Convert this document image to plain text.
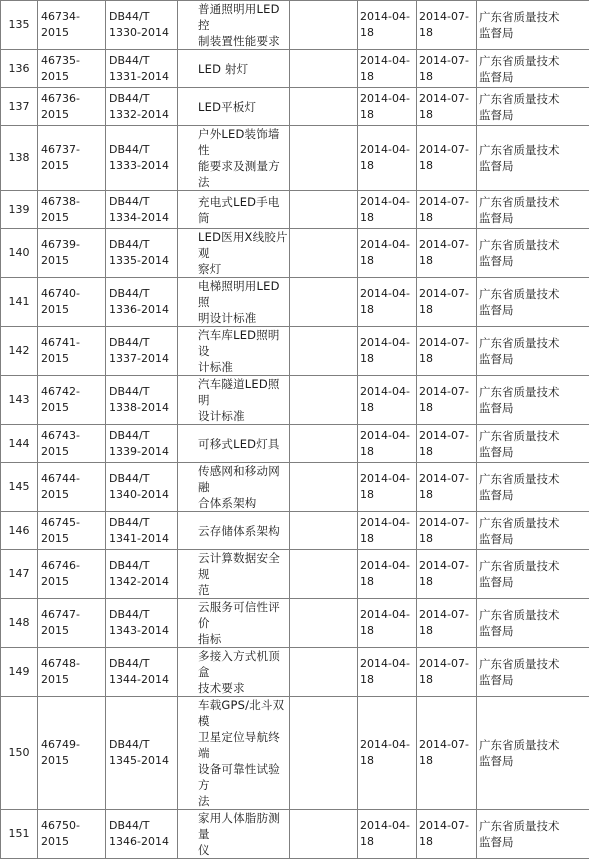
135	46734-
2015	DB44/T
1330-2014	普通照明用LED控
制装置性能要求		2014-04-
18	2014-07-
18	广东省质量技术
监督局
136	46735-
2015	DB44/T
1331-2014	LED 射灯		2014-04-
18	2014-07-
18	广东省质量技术
监督局
137	46736-
2015	DB44/T
1332-2014	LED平板灯		2014-04-
18	2014-07-
18	广东省质量技术
监督局
138	46737-
2015	DB44/T
1333-2014	户外LED装饰墙性
能要求及测量方法		2014-04-
18	2014-07-
18	广东省质量技术
监督局
139	46738-
2015	DB44/T
1334-2014	充电式LED手电筒		2014-04-
18	2014-07-
18	广东省质量技术
监督局
140	46739-
2015	DB44/T
1335-2014	LED医用X线胶片观
察灯		2014-04-
18	2014-07-
18	广东省质量技术
监督局
141	46740-
2015	DB44/T
1336-2014	电梯照明用LED照
明设计标准		2014-04-
18	2014-07-
18	广东省质量技术
监督局
142	46741-
2015	DB44/T
1337-2014	汽车库LED照明设
计标准		2014-04-
18	2014-07-
18	广东省质量技术
监督局
143	46742-
2015	DB44/T
1338-2014	汽车隧道LED照明
设计标准		2014-04-
18	2014-07-
18	广东省质量技术
监督局
144	46743-
2015	DB44/T
1339-2014	可移式LED灯具		2014-04-
18	2014-07-
18	广东省质量技术
监督局
145	46744-
2015	DB44/T
1340-2014	传感网和移动网融
合体系架构		2014-04-
18	2014-07-
18	广东省质量技术
监督局
146	46745-
2015	DB44/T
1341-2014	云存储体系架构		2014-04-
18	2014-07-
18	广东省质量技术
监督局
147	46746-
2015	DB44/T
1342-2014	云计算数据安全规
范		2014-04-
18	2014-07-
18	广东省质量技术
监督局
148	46747-
2015	DB44/T
1343-2014	云服务可信性评价
指标		2014-04-
18	2014-07-
18	广东省质量技术
监督局
149	46748-
2015	DB44/T
1344-2014	多接入方式机顶盒
技术要求		2014-04-
18	2014-07-
18	广东省质量技术
监督局
150	46749-
2015	DB44/T
1345-2014	车载GPS/北斗双模
卫星定位导航终端
设备可靠性试验方
法		2014-04-
18	2014-07-
18	广东省质量技术
监督局
151	46750-
2015	DB44/T
1346-2014	家用人体脂肪测量
仪		2014-04-
18	2014-07-
18	广东省质量技术
监督局
